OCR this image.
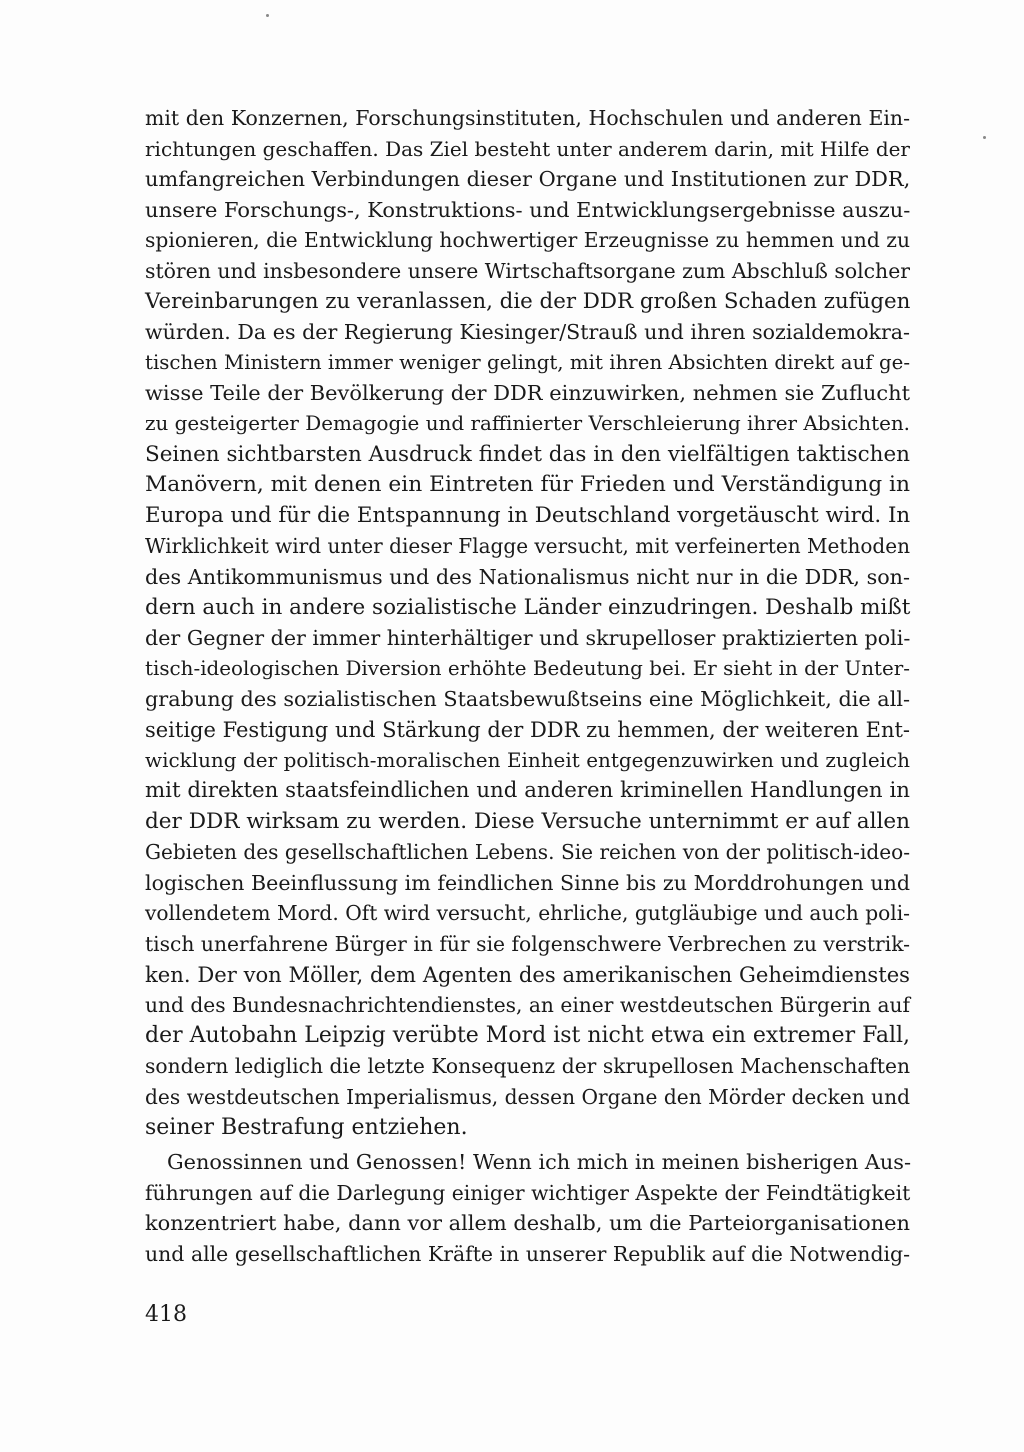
mit den Konzernen, Forschungsinstituten, Hochschulen und anderen Ein-
richtungen geschaffen. Das Ziel besteht unter anderem darin, mit Hilfe der
umfangreichen Verbindungen dieser Organe und Institutionen zur DDR,
unsere Forschungs-, Konstruktions- und Entwicklungsergebnisse auszu-
spionieren, die Entwicklung hochwertiger Erzeugnisse zu hemmen und zu
stören und insbesondere unsere Wirtschaftsorgane zum Abschluß solcher
Vereinbarungen zu veranlassen, die der DDR großen Schaden zufügen
würden. Da es der Regierung Kiesinger/Strauß und ihren sozialdemokra-
tischen Ministern immer weniger gelingt, mit ihren Absichten direkt auf ge-
wisse Teile der Bevölkerung der DDR einzuwirken, nehmen sie Zuflucht
zu gesteigerter Demagogie und raffinierter Verschleierung ihrer Absichten.
Seinen sichtbarsten Ausdruck findet das in den vielfältigen taktischen
Manövern, mit denen ein Eintreten für Frieden und Verständigung in
Europa und für die Entspannung in Deutschland vorgetäuscht wird. In
Wirklichkeit wird unter dieser Flagge versucht, mit verfeinerten Methoden
des Antikommunismus und des Nationalismus nicht nur in die DDR, son-
dern auch in andere sozialistische Länder einzudringen. Deshalb mißt
der Gegner der immer hinterhältiger und skrupelloser praktizierten poli-
tisch-ideologischen Diversion erhöhte Bedeutung bei. Er sieht in der Unter-
grabung des sozialistischen Staatsbewußtseins eine Möglichkeit, die all-
seitige Festigung und Stärkung der DDR zu hemmen, der weiteren Ent-
wicklung der politisch-moralischen Einheit entgegenzuwirken und zugleich
mit direkten staatsfeindlichen und anderen kriminellen Handlungen in
der DDR wirksam zu werden. Diese Versuche unternimmt er auf allen
Gebieten des gesellschaftlichen Lebens. Sie reichen von der politisch-ideo-
logischen Beeinflussung im feindlichen Sinne bis zu Morddrohungen und
vollendetem Mord. Oft wird versucht, ehrliche, gutgläubige und auch poli-
tisch unerfahrene Bürger in für sie folgenschwere Verbrechen zu verstrik-
ken. Der von Möller, dem Agenten des amerikanischen Geheimdienstes
und des Bundesnachrichtendienstes, an einer westdeutschen Bürgerin auf
der Autobahn Leipzig verübte Mord ist nicht etwa ein extremer Fall,
sondern lediglich die letzte Konsequenz der skrupellosen Machenschaften
des westdeutschen Imperialismus, dessen Organe den Mörder decken und
seiner Bestrafung entziehen.
Genossinnen und Genossen! Wenn ich mich in meinen bisherigen Aus-
führungen auf die Darlegung einiger wichtiger Aspekte der Feindtätigkeit
konzentriert habe, dann vor allem deshalb, um die Parteiorganisationen
und alle gesellschaftlichen Kräfte in unserer Republik auf die Notwendig-
418
